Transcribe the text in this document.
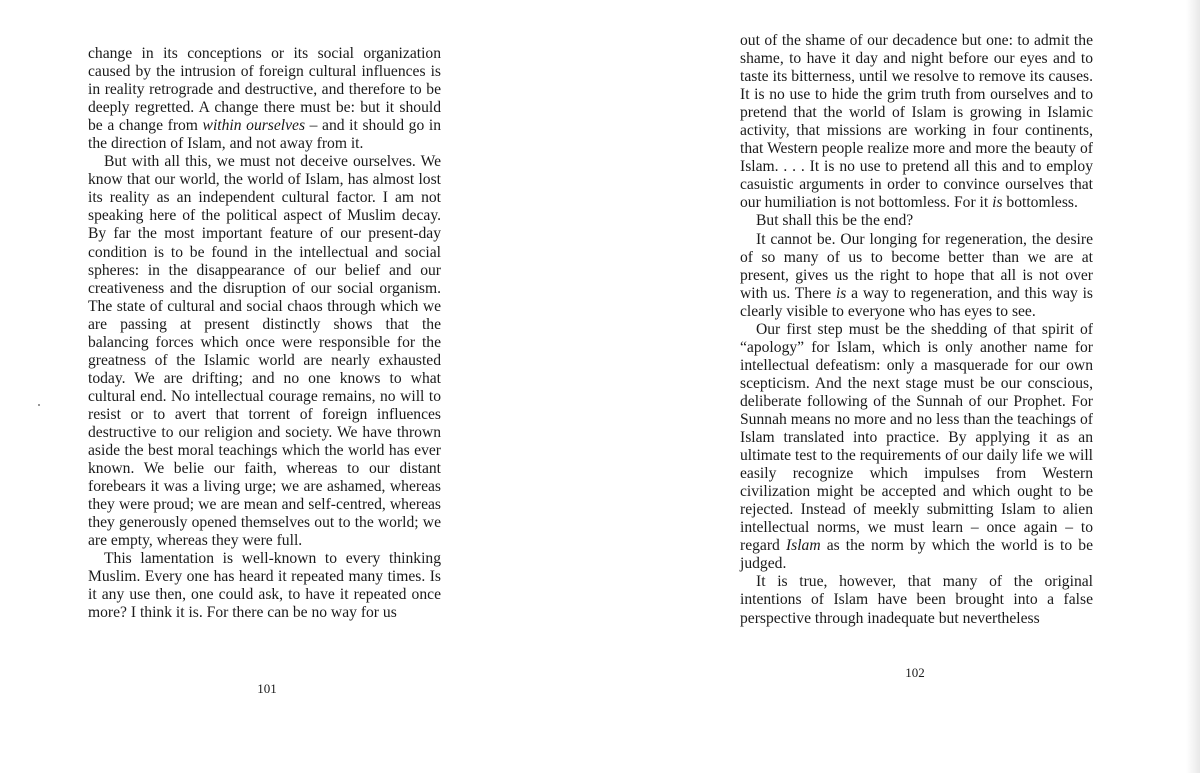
change in its conceptions or its social organization caused by the intrusion of foreign cultural influences is in reality retrograde and destructive, and therefore to be deeply regretted. A change there must be: but it should be a change from within ourselves – and it should go in the direction of Islam, and not away from it.

But with all this, we must not deceive ourselves. We know that our world, the world of Islam, has almost lost its reality as an independent cultural factor. I am not speaking here of the political aspect of Muslim decay. By far the most important feature of our present-day condition is to be found in the intellectual and social spheres: in the disappearance of our belief and our creativeness and the disruption of our social organism. The state of cultural and social chaos through which we are passing at present distinctly shows that the balancing forces which once were responsible for the greatness of the Islamic world are nearly exhausted today. We are drifting; and no one knows to what cultural end. No intellectual courage remains, no will to resist or to avert that torrent of foreign influences destructive to our religion and society. We have thrown aside the best moral teachings which the world has ever known. We belie our faith, whereas to our distant forebears it was a living urge; we are ashamed, whereas they were proud; we are mean and self-centred, whereas they generously opened themselves out to the world; we are empty, whereas they were full.

This lamentation is well-known to every thinking Muslim. Every one has heard it repeated many times. Is it any use then, one could ask, to have it repeated once more? I think it is. For there can be no way for us

101

out of the shame of our decadence but one: to admit the shame, to have it day and night before our eyes and to taste its bitterness, until we resolve to remove its causes. It is no use to hide the grim truth from ourselves and to pretend that the world of Islam is growing in Islamic activity, that missions are working in four continents, that Western people realize more and more the beauty of Islam. . . . It is no use to pretend all this and to employ casuistic arguments in order to convince ourselves that our humiliation is not bottomless. For it is bottomless.

But shall this be the end?

It cannot be. Our longing for regeneration, the desire of so many of us to become better than we are at present, gives us the right to hope that all is not over with us. There is a way to regeneration, and this way is clearly visible to everyone who has eyes to see.

Our first step must be the shedding of that spirit of “apology” for Islam, which is only another name for intellectual defeatism: only a masquerade for our own scepticism. And the next stage must be our conscious, deliberate following of the Sunnah of our Prophet. For Sunnah means no more and no less than the teachings of Islam translated into practice. By applying it as an ultimate test to the requirements of our daily life we will easily recognize which impulses from Western civilization might be accepted and which ought to be rejected. Instead of meekly submitting Islam to alien intellectual norms, we must learn – once again – to regard Islam as the norm by which the world is to be judged.

It is true, however, that many of the original intentions of Islam have been brought into a false perspective through inadequate but nevertheless

102
